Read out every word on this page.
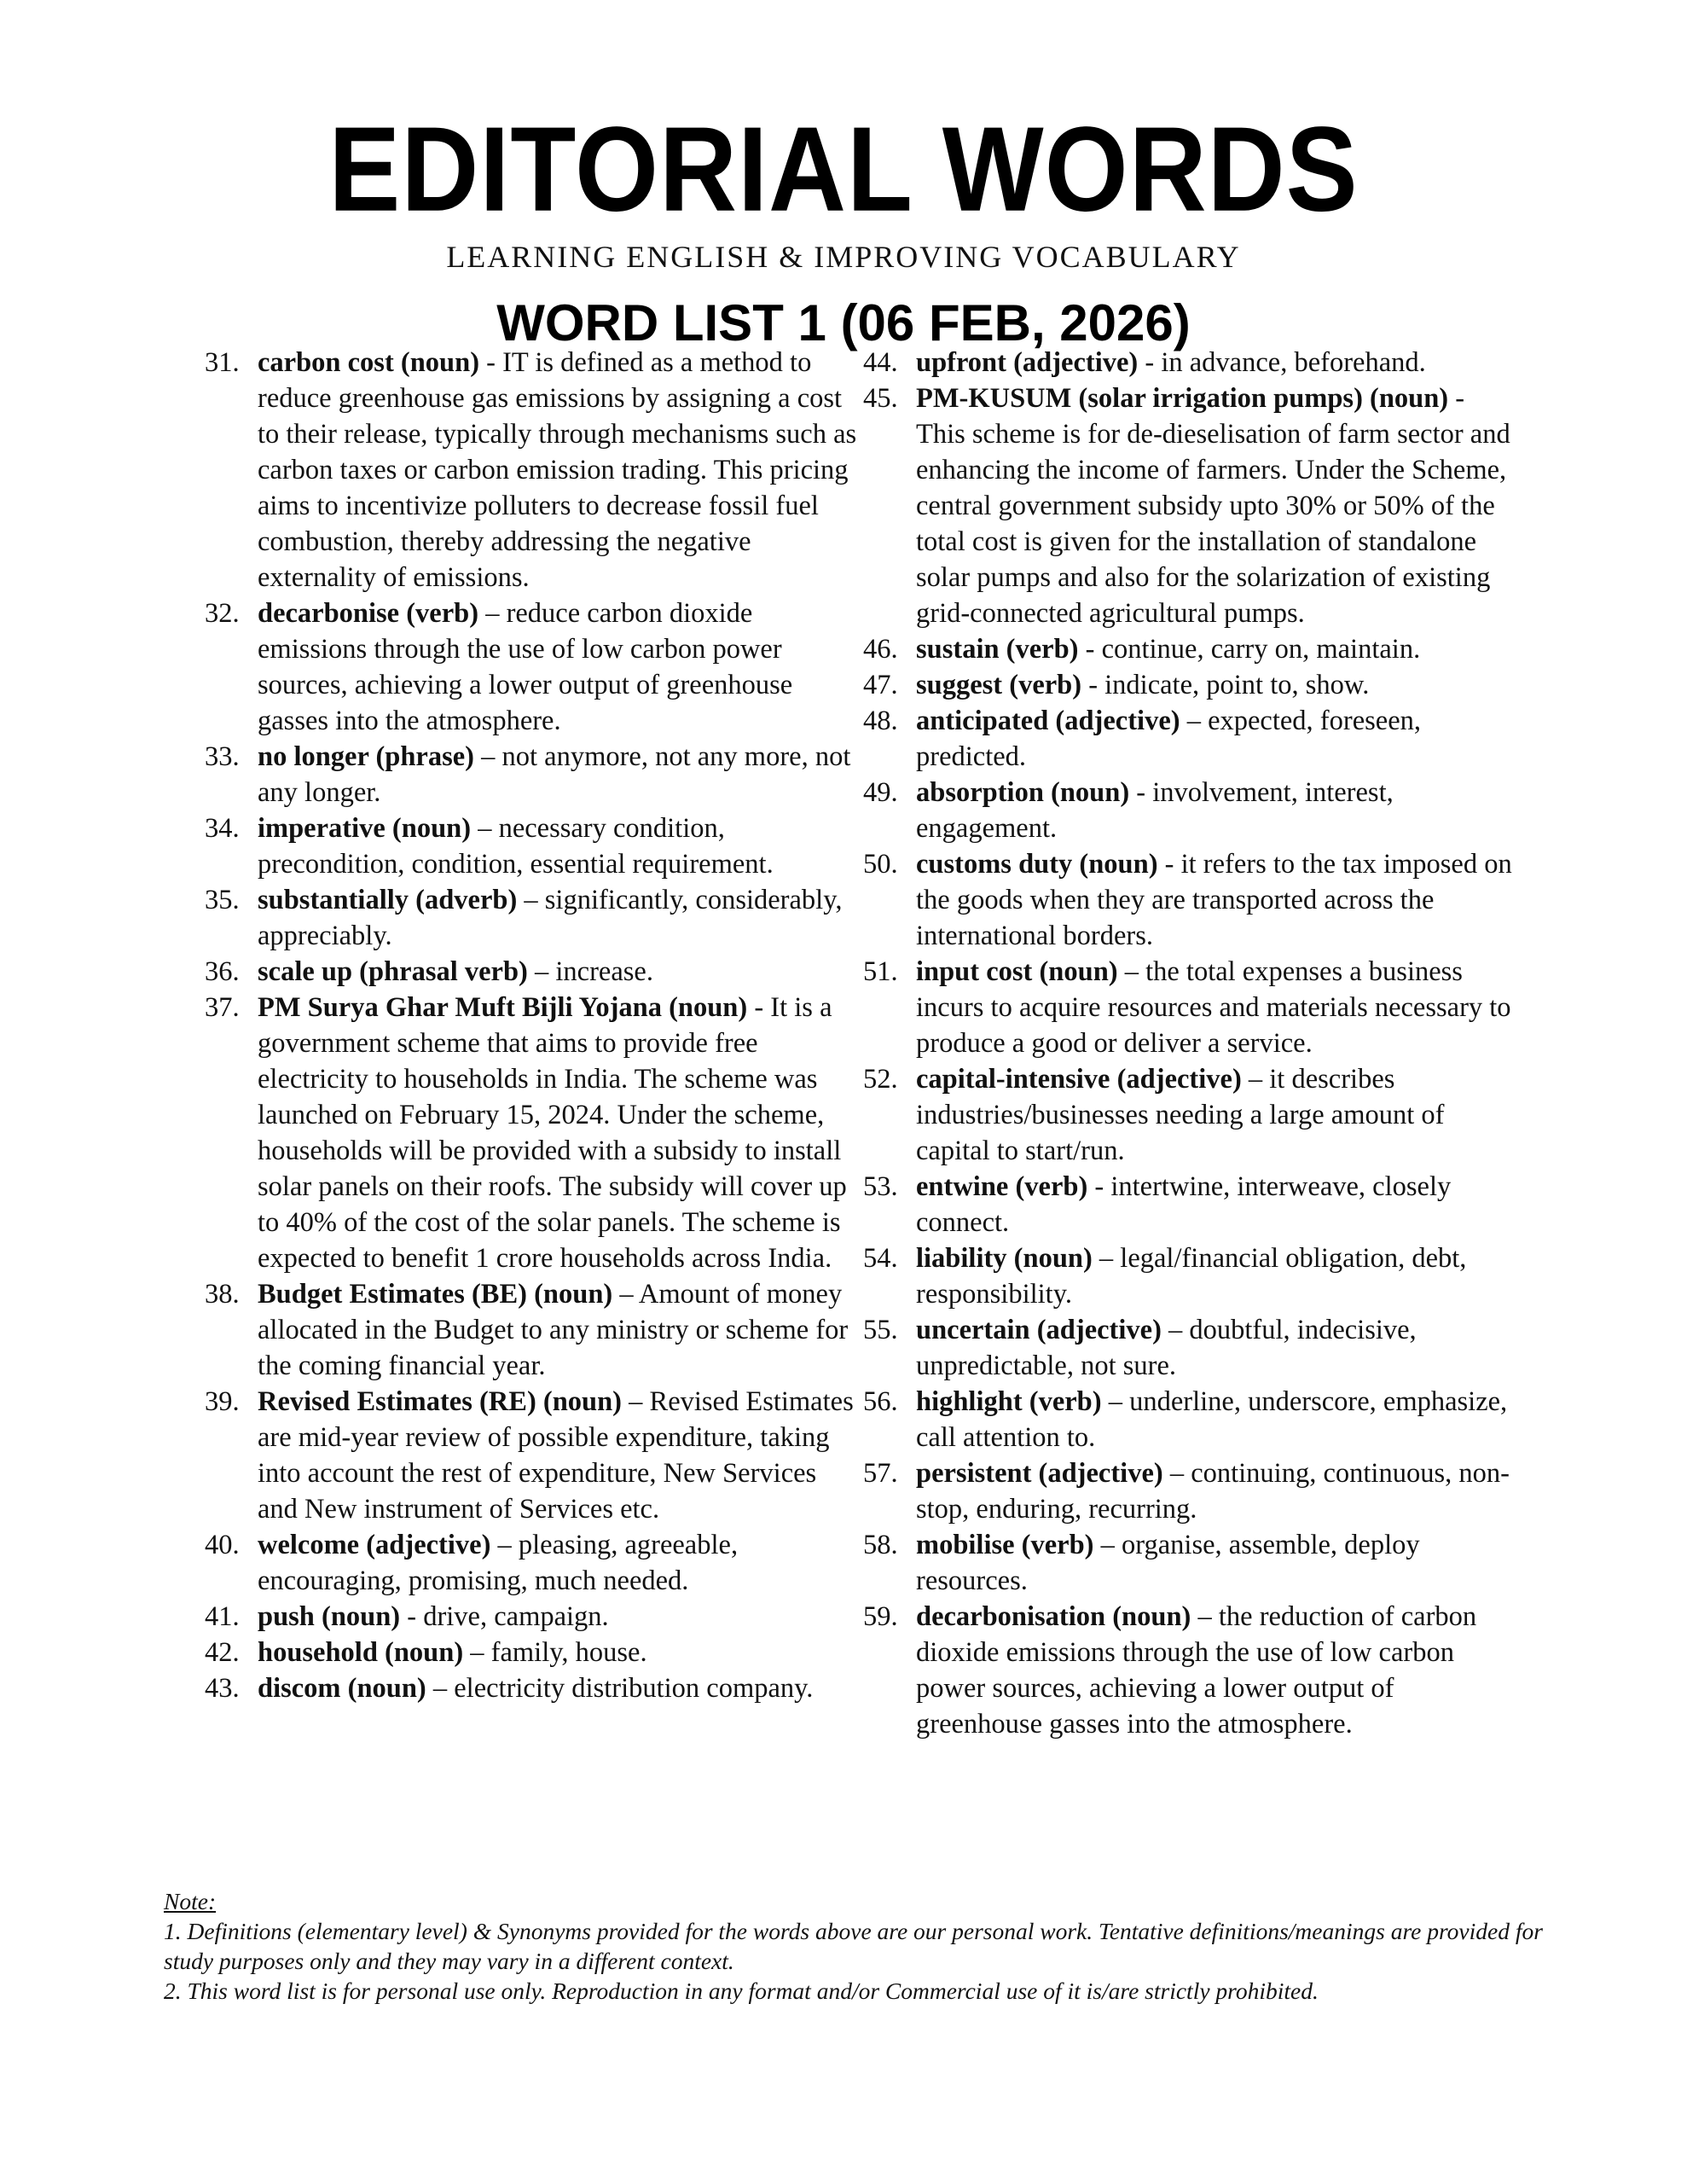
EDITORIAL WORDS
LEARNING ENGLISH & IMPROVING VOCABULARY
WORD LIST 1 (06 FEB, 2026)
31. carbon cost (noun) - IT is defined as a method to reduce greenhouse gas emissions by assigning a cost to their release, typically through mechanisms such as carbon taxes or carbon emission trading. This pricing aims to incentivize polluters to decrease fossil fuel combustion, thereby addressing the negative externality of emissions.
32. decarbonise (verb) – reduce carbon dioxide emissions through the use of low carbon power sources, achieving a lower output of greenhouse gasses into the atmosphere.
33. no longer (phrase) – not anymore, not any more, not any longer.
34. imperative (noun) – necessary condition, precondition, condition, essential requirement.
35. substantially (adverb) – significantly, considerably, appreciably.
36. scale up (phrasal verb) – increase.
37. PM Surya Ghar Muft Bijli Yojana (noun) - It is a government scheme that aims to provide free electricity to households in India. The scheme was launched on February 15, 2024. Under the scheme, households will be provided with a subsidy to install solar panels on their roofs. The subsidy will cover up to 40% of the cost of the solar panels. The scheme is expected to benefit 1 crore households across India.
38. Budget Estimates (BE) (noun) – Amount of money allocated in the Budget to any ministry or scheme for the coming financial year.
39. Revised Estimates (RE) (noun) – Revised Estimates are mid-year review of possible expenditure, taking into account the rest of expenditure, New Services and New instrument of Services etc.
40. welcome (adjective) – pleasing, agreeable, encouraging, promising, much needed.
41. push (noun) - drive, campaign.
42. household (noun) – family, house.
43. discom (noun) – electricity distribution company.
44. upfront (adjective) - in advance, beforehand.
45. PM-KUSUM (solar irrigation pumps) (noun) - This scheme is for de-dieselisation of farm sector and enhancing the income of farmers. Under the Scheme, central government subsidy upto 30% or 50% of the total cost is given for the installation of standalone solar pumps and also for the solarization of existing grid-connected agricultural pumps.
46. sustain (verb) - continue, carry on, maintain.
47. suggest (verb) - indicate, point to, show.
48. anticipated (adjective) – expected, foreseen, predicted.
49. absorption (noun) - involvement, interest, engagement.
50. customs duty (noun) - it refers to the tax imposed on the goods when they are transported across the international borders.
51. input cost (noun) – the total expenses a business incurs to acquire resources and materials necessary to produce a good or deliver a service.
52. capital-intensive (adjective) – it describes industries/businesses needing a large amount of capital to start/run.
53. entwine (verb) - intertwine, interweave, closely connect.
54. liability (noun) – legal/financial obligation, debt, responsibility.
55. uncertain (adjective) – doubtful, indecisive, unpredictable, not sure.
56. highlight (verb) – underline, underscore, emphasize, call attention to.
57. persistent (adjective) – continuing, continuous, non-stop, enduring, recurring.
58. mobilise (verb) – organise, assemble, deploy resources.
59. decarbonisation (noun) – the reduction of carbon dioxide emissions through the use of low carbon power sources, achieving a lower output of greenhouse gasses into the atmosphere.
Note:
1. Definitions (elementary level) & Synonyms provided for the words above are our personal work. Tentative definitions/meanings are provided for study purposes only and they may vary in a different context.
2. This word list is for personal use only. Reproduction in any format and/or Commercial use of it is/are strictly prohibited.
